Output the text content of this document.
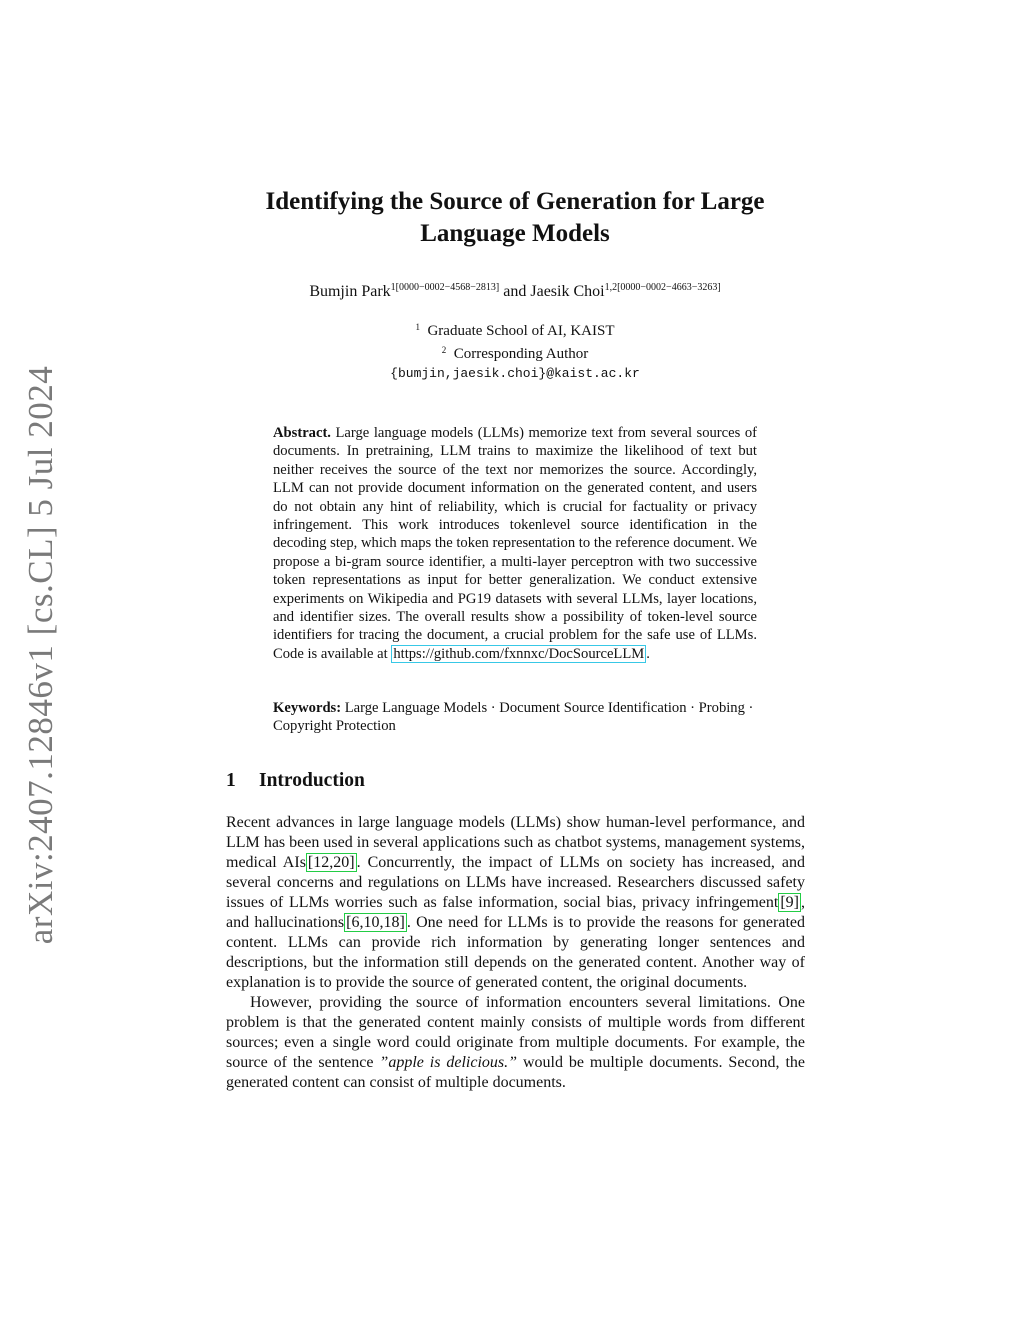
arXiv:2407.12846v1 [cs.CL] 5 Jul 2024
Identifying the Source of Generation for Large
Language Models
Bumjin Park$^{1[0000-0002-4568-2813]}$ and Jaesik Choi$^{1,2[0000-0002-4663-3263]}$
$^1$ Graduate School of AI, KAIST
$^2$ Corresponding Author
{bumjin,jaesik.choi}@kaist.ac.kr
Abstract. Large language models (LLMs) memorize text from several sources of documents. In pretraining, LLM trains to maximize the likelihood of text but neither receives the source of the text nor memorizes the source. Accordingly, LLM can not provide document information on the generated content, and users do not obtain any hint of reliability, which is crucial for factuality or privacy infringement. This work introduces tokenlevel source identification in the decoding step, which maps the token representation to the reference document. We propose a bi-gram source identifier, a multi-layer perceptron with two successive token representations as input for better generalization. We conduct extensive experiments on Wikipedia and PG19 datasets with several LLMs, layer locations, and identifier sizes. The overall results show a possibility of token-level source identifiers for tracing the document, a crucial problem for the safe use of LLMs. Code is available at https://github.com/fxnnxc/DocSourceLLM .
Keywords: Large Language Models · Document Source Identification · Probing · Copyright Protection
1 Introduction

Recent advances in large language models (LLMs) show human-level performance, and LLM has been used in several applications such as chatbot systems, management systems, medical AIs [12,20] . Concurrently, the impact of LLMs on society has increased, and several concerns and regulations on LLMs have increased. Researchers discussed safety issues of LLMs worries such as false information, social bias, privacy infringement [9] , and hallucinations [6,10,18] . One need for LLMs is to provide the reasons for generated content. LLMs can provide rich information by generating longer sentences and descriptions, but the information still depends on the generated content. Another way of explanation is to provide the source of generated content, the original documents.

However, providing the source of information encounters several limitations. One problem is that the generated content mainly consists of multiple words from different sources; even a single word could originate from multiple documents. For example, the source of the sentence ”apple is delicious.” would be multiple documents. Second, the generated content can consist of multiple documents.
